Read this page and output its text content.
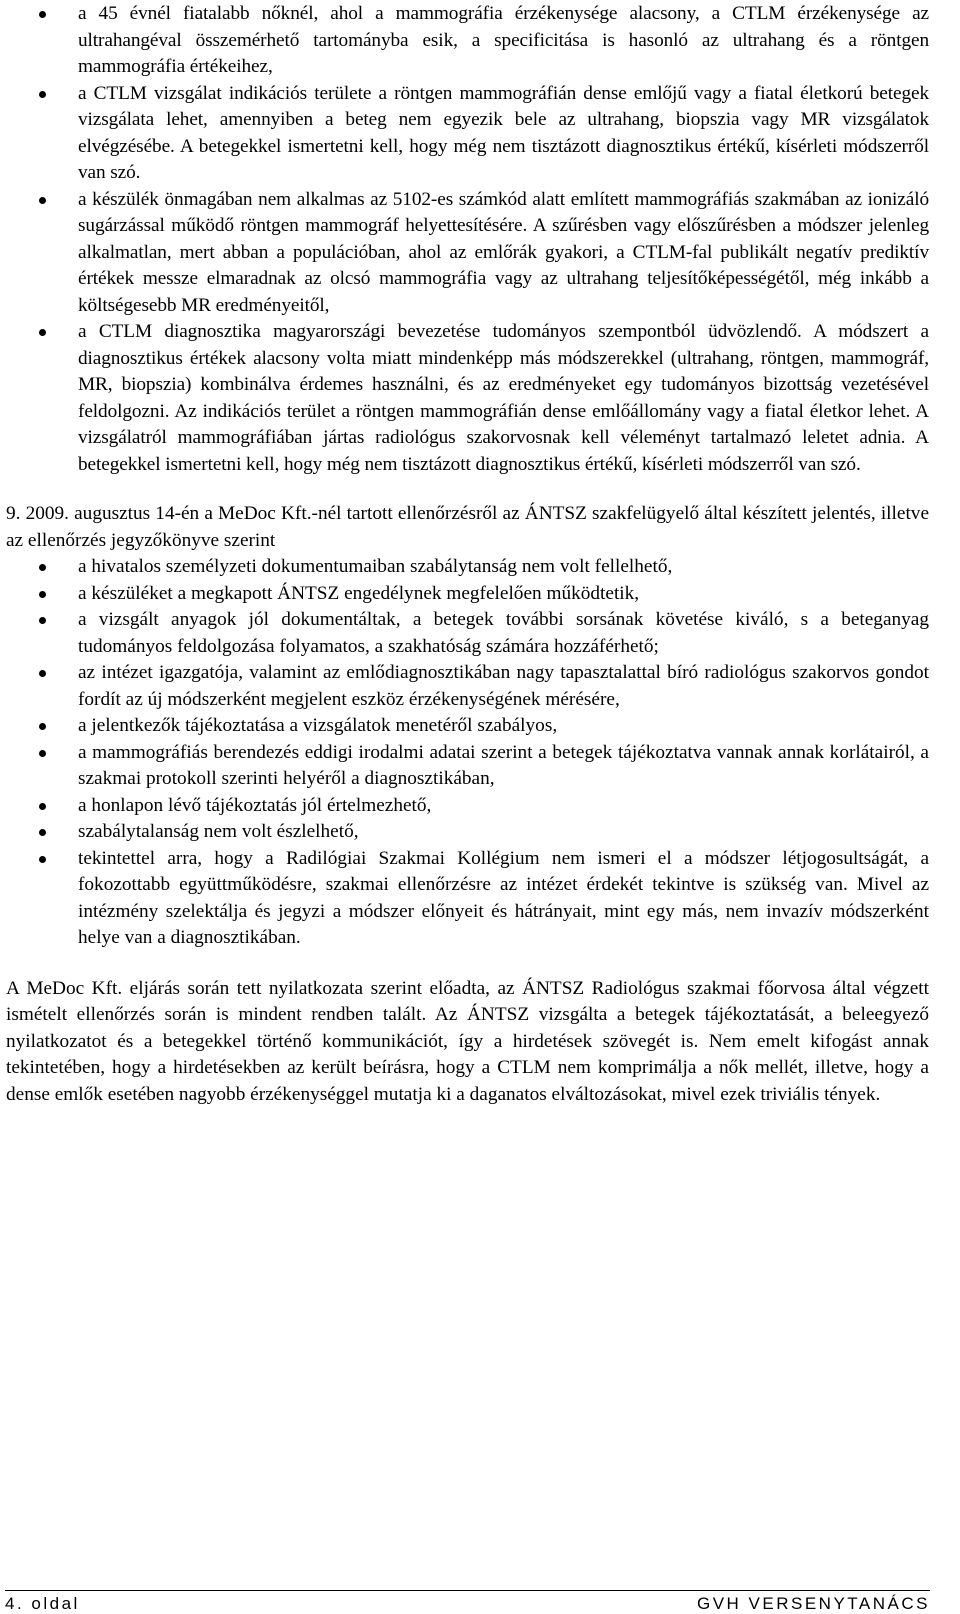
a 45 évnél fiatalabb nőknél, ahol a mammográfia érzékenysége alacsony, a CTLM érzékenysége az ultrahangéval összemérhető tartományba esik, a specificitása is hasonló az ultrahang és a röntgen mammográfia értékeihez,
a CTLM vizsgálat indikációs területe a röntgen mammográfián dense emlőjű vagy a fiatal életkorú betegek vizsgálata lehet, amennyiben a beteg nem egyezik bele az ultrahang, biopszia vagy MR vizsgálatok elvégzésébe. A betegekkel ismertetni kell, hogy még nem tisztázott diagnosztikus értékű, kísérleti módszerről van szó.
a készülék önmagában nem alkalmas az 5102-es számkód alatt említett mammográfiás szakmában az ionizáló sugárzással működő röntgen mammográf helyettesítésére. A szűrésben vagy előszűrésben a módszer jelenleg alkalmatlan, mert abban a populációban, ahol az emlőrák gyakori, a CTLM-fal publikált negatív prediktív értékek messze elmaradnak az olcsó mammográfia vagy az ultrahang teljesítőképességétől, még inkább a költségesebb MR eredményeitől,
a CTLM diagnosztika magyarországi bevezetése tudományos szempontból üdvözlendő. A módszert a diagnosztikus értékek alacsony volta miatt mindenképp más módszerekkel (ultrahang, röntgen, mammográf, MR, biopszia) kombinálva érdemes használni, és az eredményeket egy tudományos bizottság vezetésével feldolgozni. Az indikációs terület a röntgen mammográfián dense emlőállomány vagy a fiatal életkor lehet. A vizsgálatról mammográfiában jártas radiológus szakorvosnak kell véleményt tartalmazó leletet adnia. A betegekkel ismertetni kell, hogy még nem tisztázott diagnosztikus értékű, kísérleti módszerről van szó.

9. 2009. augusztus 14-én a MeDoc Kft.-nél tartott ellenőrzésről az ÁNTSZ szakfelügyelő által készített jelentés, illetve az ellenőrzés jegyzőkönyve szerint

a hivatalos személyzeti dokumentumaiban szabálytanság nem volt fellelhető,
a készüléket a megkapott ÁNTSZ engedélynek megfelelően működtetik,
a vizsgált anyagok jól dokumentáltak, a betegek további sorsának követése kiváló, s a beteganyag tudományos feldolgozása folyamatos, a szakhatóság számára hozzáférhető;
az intézet igazgatója, valamint az emlődiagnosztikában nagy tapasztalattal bíró radiológus szakorvos gondot fordít az új módszerként megjelent eszköz érzékenységének mérésére,
a jelentkezők tájékoztatása a vizsgálatok menetéről szabályos,
a mammográfiás berendezés eddigi irodalmi adatai szerint a betegek tájékoztatva vannak annak korlátairól, a szakmai protokoll szerinti helyéről a diagnosztikában,
a honlapon lévő tájékoztatás jól értelmezhető,
szabálytalanság nem volt észlelhető,
tekintettel arra, hogy a Radilógiai Szakmai Kollégium nem ismeri el a módszer létjogosultságát, a fokozottabb együttműködésre, szakmai ellenőrzésre az intézet érdekét tekintve is szükség van. Mivel az intézmény szelektálja és jegyzi a módszer előnyeit és hátrányait, mint egy más, nem invazív módszerként helye van a diagnosztikában.

A MeDoc Kft. eljárás során tett nyilatkozata szerint előadta, az ÁNTSZ Radiológus szakmai főorvosa által végzett ismételt ellenőrzés során is mindent rendben talált. Az ÁNTSZ vizsgálta a betegek tájékoztatását, a beleegyező nyilatkozatot és a betegekkel történő kommunikációt, így a hirdetések szövegét is. Nem emelt kifogást annak tekintetében, hogy a hirdetésekben az került beírásra, hogy a CTLM nem komprimálja a nők mellét, illetve, hogy a dense emlők esetében nagyobb érzékenységgel mutatja ki a daganatos elváltozásokat, mivel ezek triviális tények.

4. oldal	GVH VERSENYTANÁCS
